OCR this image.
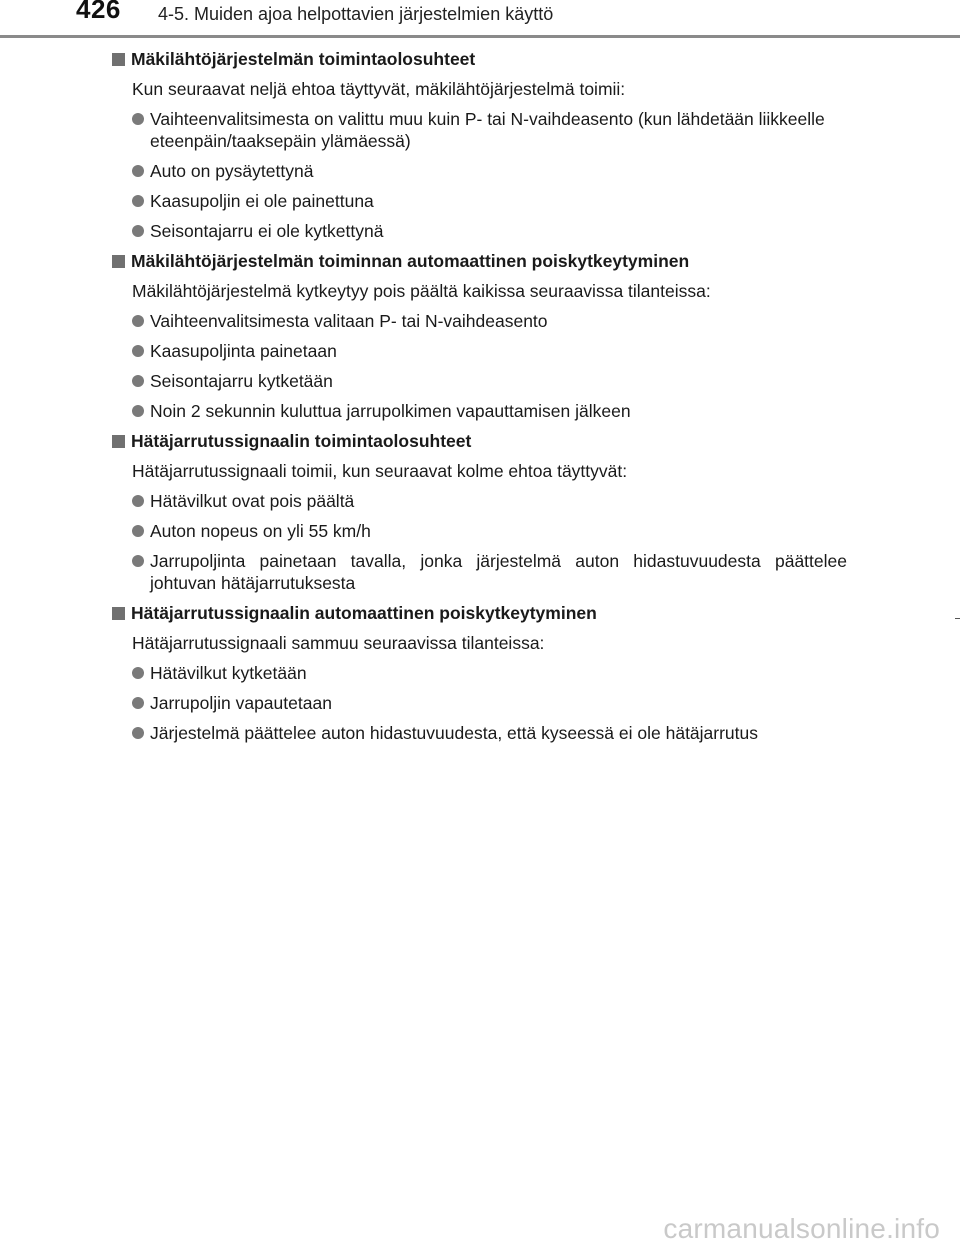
426 4-5. Muiden ajoa helpottavien järjestelmien käyttö
Mäkilähtöjärjestelmän toimintaolosuhteet
Kun seuraavat neljä ehtoa täyttyvät, mäkilähtöjärjestelmä toimii:
Vaihteenvalitsimesta on valittu muu kuin P- tai N-vaihdeasento (kun lähdetään liikkeelle eteenpäin/taaksepäin ylämäessä)
Auto on pysäytettynä
Kaasupoljin ei ole painettuna
Seisontajarru ei ole kytkettynä
Mäkilähtöjärjestelmän toiminnan automaattinen poiskytkeytyminen
Mäkilähtöjärjestelmä kytkeytyy pois päältä kaikissa seuraavissa tilanteissa:
Vaihteenvalitsimesta valitaan P- tai N-vaihdeasento
Kaasupoljinta painetaan
Seisontajarru kytketään
Noin 2 sekunnin kuluttua jarrupolkimen vapauttamisen jälkeen
Hätäjarrutussignaalin toimintaolosuhteet
Hätäjarrutussignaali toimii, kun seuraavat kolme ehtoa täyttyvät:
Hätävilkut ovat pois päältä
Auton nopeus on yli 55 km/h
Jarrupoljinta painetaan tavalla, jonka järjestelmä auton hidastuvuudesta päättelee johtuvan hätäjarrutuksesta
Hätäjarrutussignaalin automaattinen poiskytkeytyminen
Hätäjarrutussignaali sammuu seuraavissa tilanteissa:
Hätävilkut kytketään
Jarrupoljin vapautetaan
Järjestelmä päättelee auton hidastuvuudesta, että kyseessä ei ole hätäjarrutus
carmanualsonline.info
